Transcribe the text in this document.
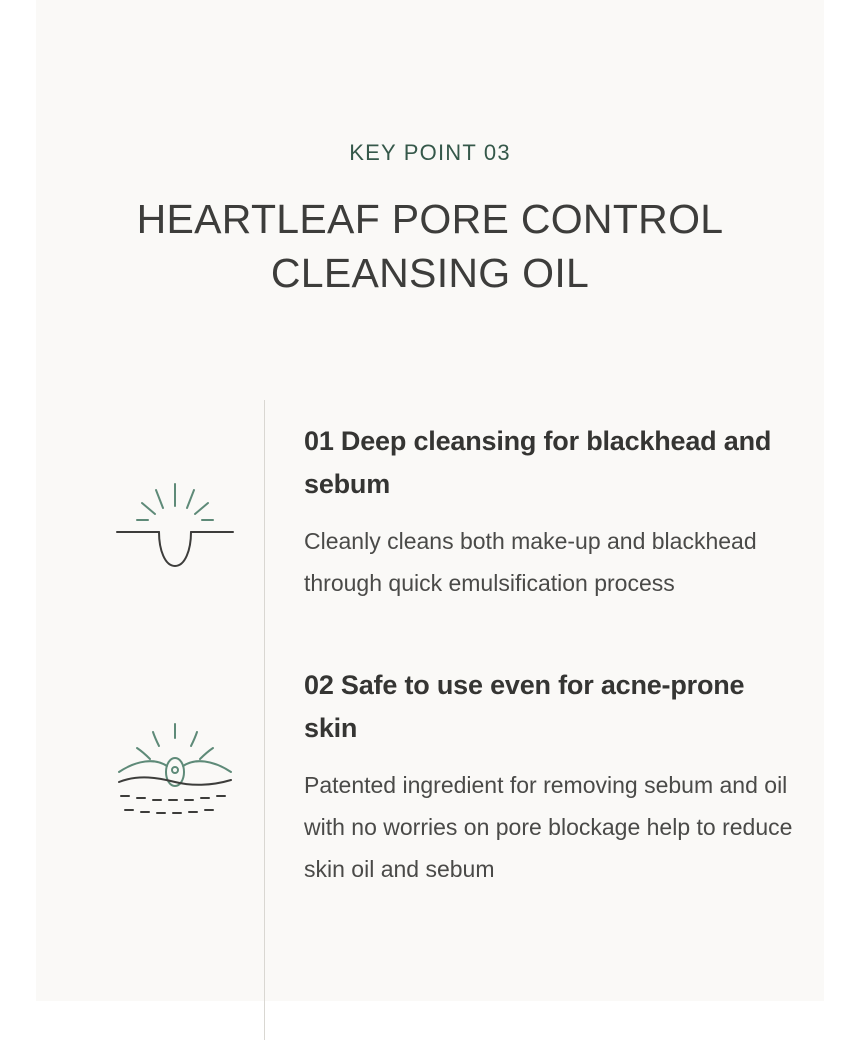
KEY POINT 03
HEARTLEAF PORE CONTROL CLEANSING OIL

01 Deep cleansing for blackhead and sebum

Cleanly cleans both make-up and blackhead through quick emulsification process

02 Safe to use even for acne-prone skin

Patented ingredient for removing sebum and oil with no worries on pore blockage help to reduce skin oil and sebum
